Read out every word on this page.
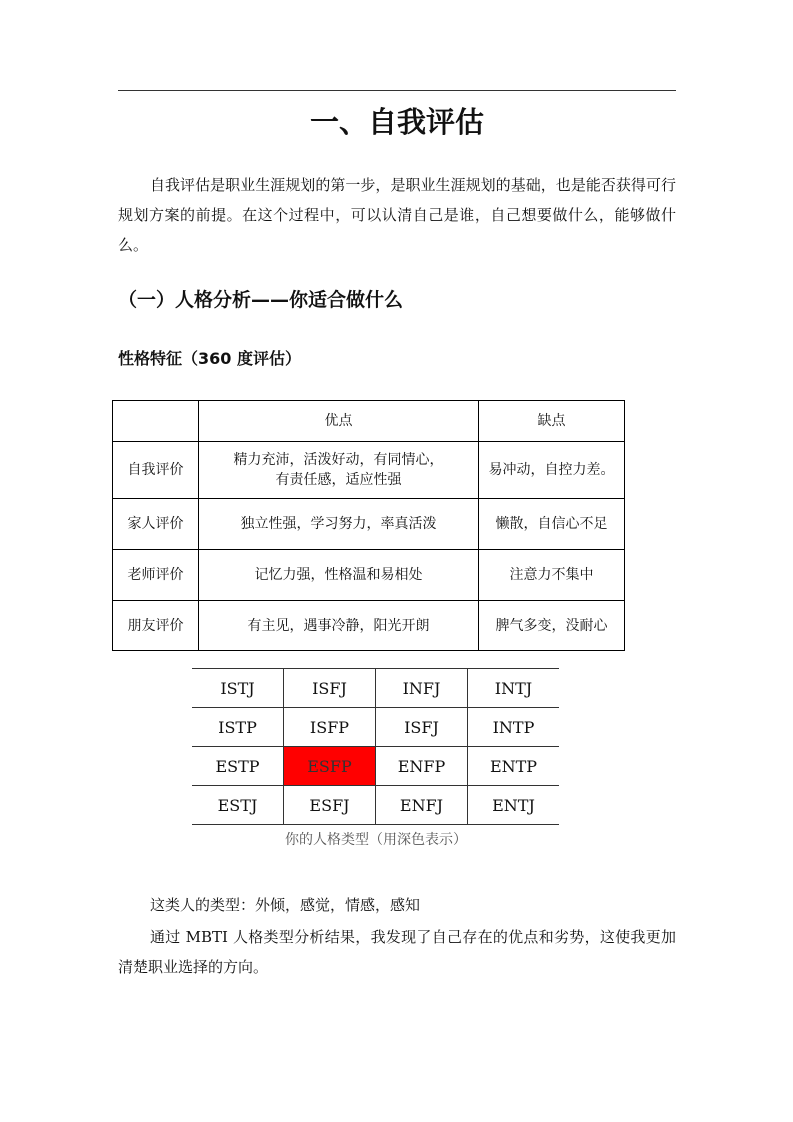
一、自我评估

自我评估是职业生涯规划的第一步，是职业生涯规划的基础，也是能否获得可行规划方案的前提。在这个过程中，可以认清自己是谁，自己想要做什么，能够做什么。

（一）人格分析——你适合做什么
性格特征（360 度评估）
	优点	缺点
自我评价	精力充沛，活泼好动，有同情心，
有责任感，适应性强	易冲动，自控力差。
家人评价	独立性强，学习努力，率真活泼	懒散，自信心不足
老师评价	记忆力强，性格温和易相处	注意力不集中
朋友评价	有主见，遇事冷静，阳光开朗	脾气多变，没耐心
ISTJ	ISFJ	INFJ	INTJ
ISTP	ISFP	ISFJ	INTP
ESTP	ESFP	ENFP	ENTP
ESTJ	ESFJ	ENFJ	ENTJ

你的人格类型（用深色表示）

这类人的类型：外倾，感觉，情感，感知

通过 MBTI 人格类型分析结果，我发现了自己存在的优点和劣势，这使我更加清楚职业选择的方向。
